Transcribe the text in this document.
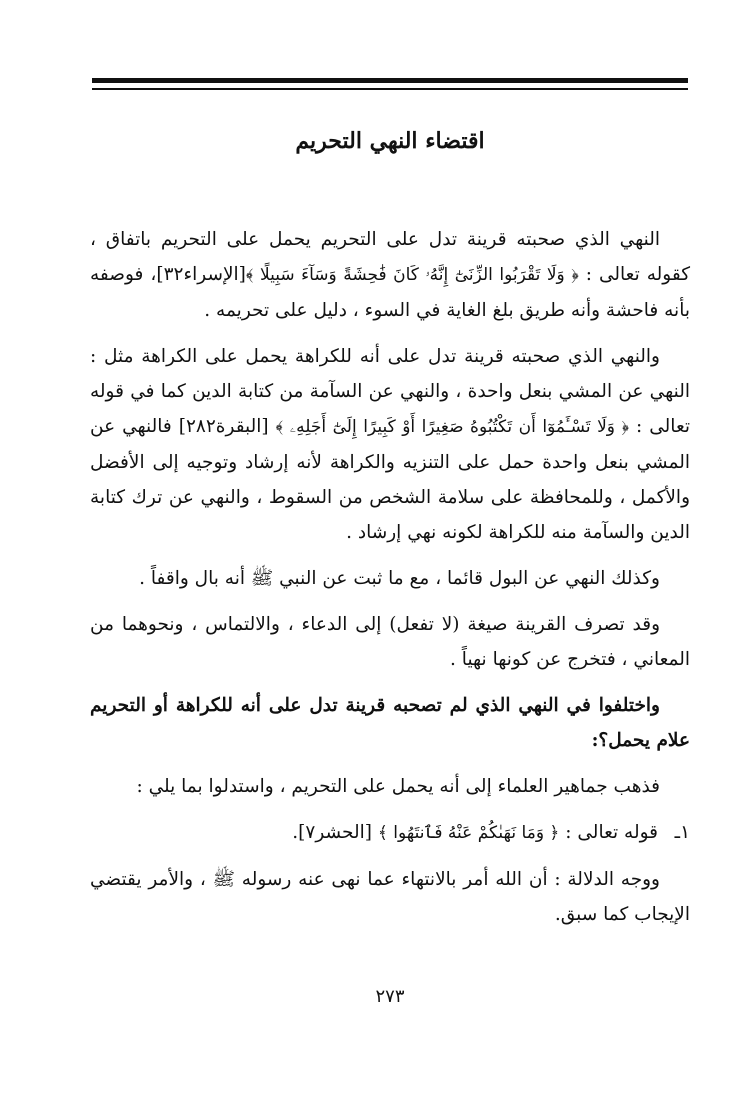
اقتضاء النهي التحريم

النهي الذي صحبته قرينة تدل على التحريم يحمل على التحريم باتفاق ، كقوله تعالى : ﴿ وَلَا تَقْرَبُوا الزِّنَىٰٓ إِنَّهُۥ كَانَ فَٰحِشَةً وَسَآءَ سَبِيلًا ﴾[الإسراء٣٢]، فوصفه بأنه فاحشة وأنه طريق بلغ الغاية في السوء ، دليل على تحريمه .

والنهي الذي صحبته قرينة تدل على أنه للكراهة يحمل على الكراهة مثل : النهي عن المشي بنعل واحدة ، والنهي عن السآمة من كتابة الدين كما في قوله تعالى : ﴿ وَلَا تَسْـَٔمُوٓا أَن تَكْتُبُوهُ صَغِيرًا أَوْ كَبِيرًا إِلَىٰٓ أَجَلِهِۦ ﴾ [البقرة٢٨٢] فالنهي عن المشي بنعل واحدة حمل على التنزيه والكراهة لأنه إرشاد وتوجيه إلى الأفضل والأكمل ، وللمحافظة على سلامة الشخص من السقوط ، والنهي عن ترك كتابة الدين والسآمة منه للكراهة لكونه نهي إرشاد .

وكذلك النهي عن البول قائما ، مع ما ثبت عن النبي ﷺ أنه بال واقفاً .

وقد تصرف القرينة صيغة (لا تفعل) إلى الدعاء ، والالتماس ، ونحوهما من المعاني ، فتخرج عن كونها نهياً .

واختلفوا في النهي الذي لم تصحبه قرينة تدل على أنه للكراهة أو التحريم علام يحمل؟:

فذهب جماهير العلماء إلى أنه يحمل على التحريم ، واستدلوا بما يلي :

١ـ
قوله تعالى : ﴿ وَمَا نَهَىٰكُمْ عَنْهُ فَٱنتَهُوا ﴾ [الحشر٧].

ووجه الدلالة : أن الله أمر بالانتهاء عما نهى عنه رسوله ﷺ ، والأمر يقتضي الإيجاب كما سبق.

٢٧٣
